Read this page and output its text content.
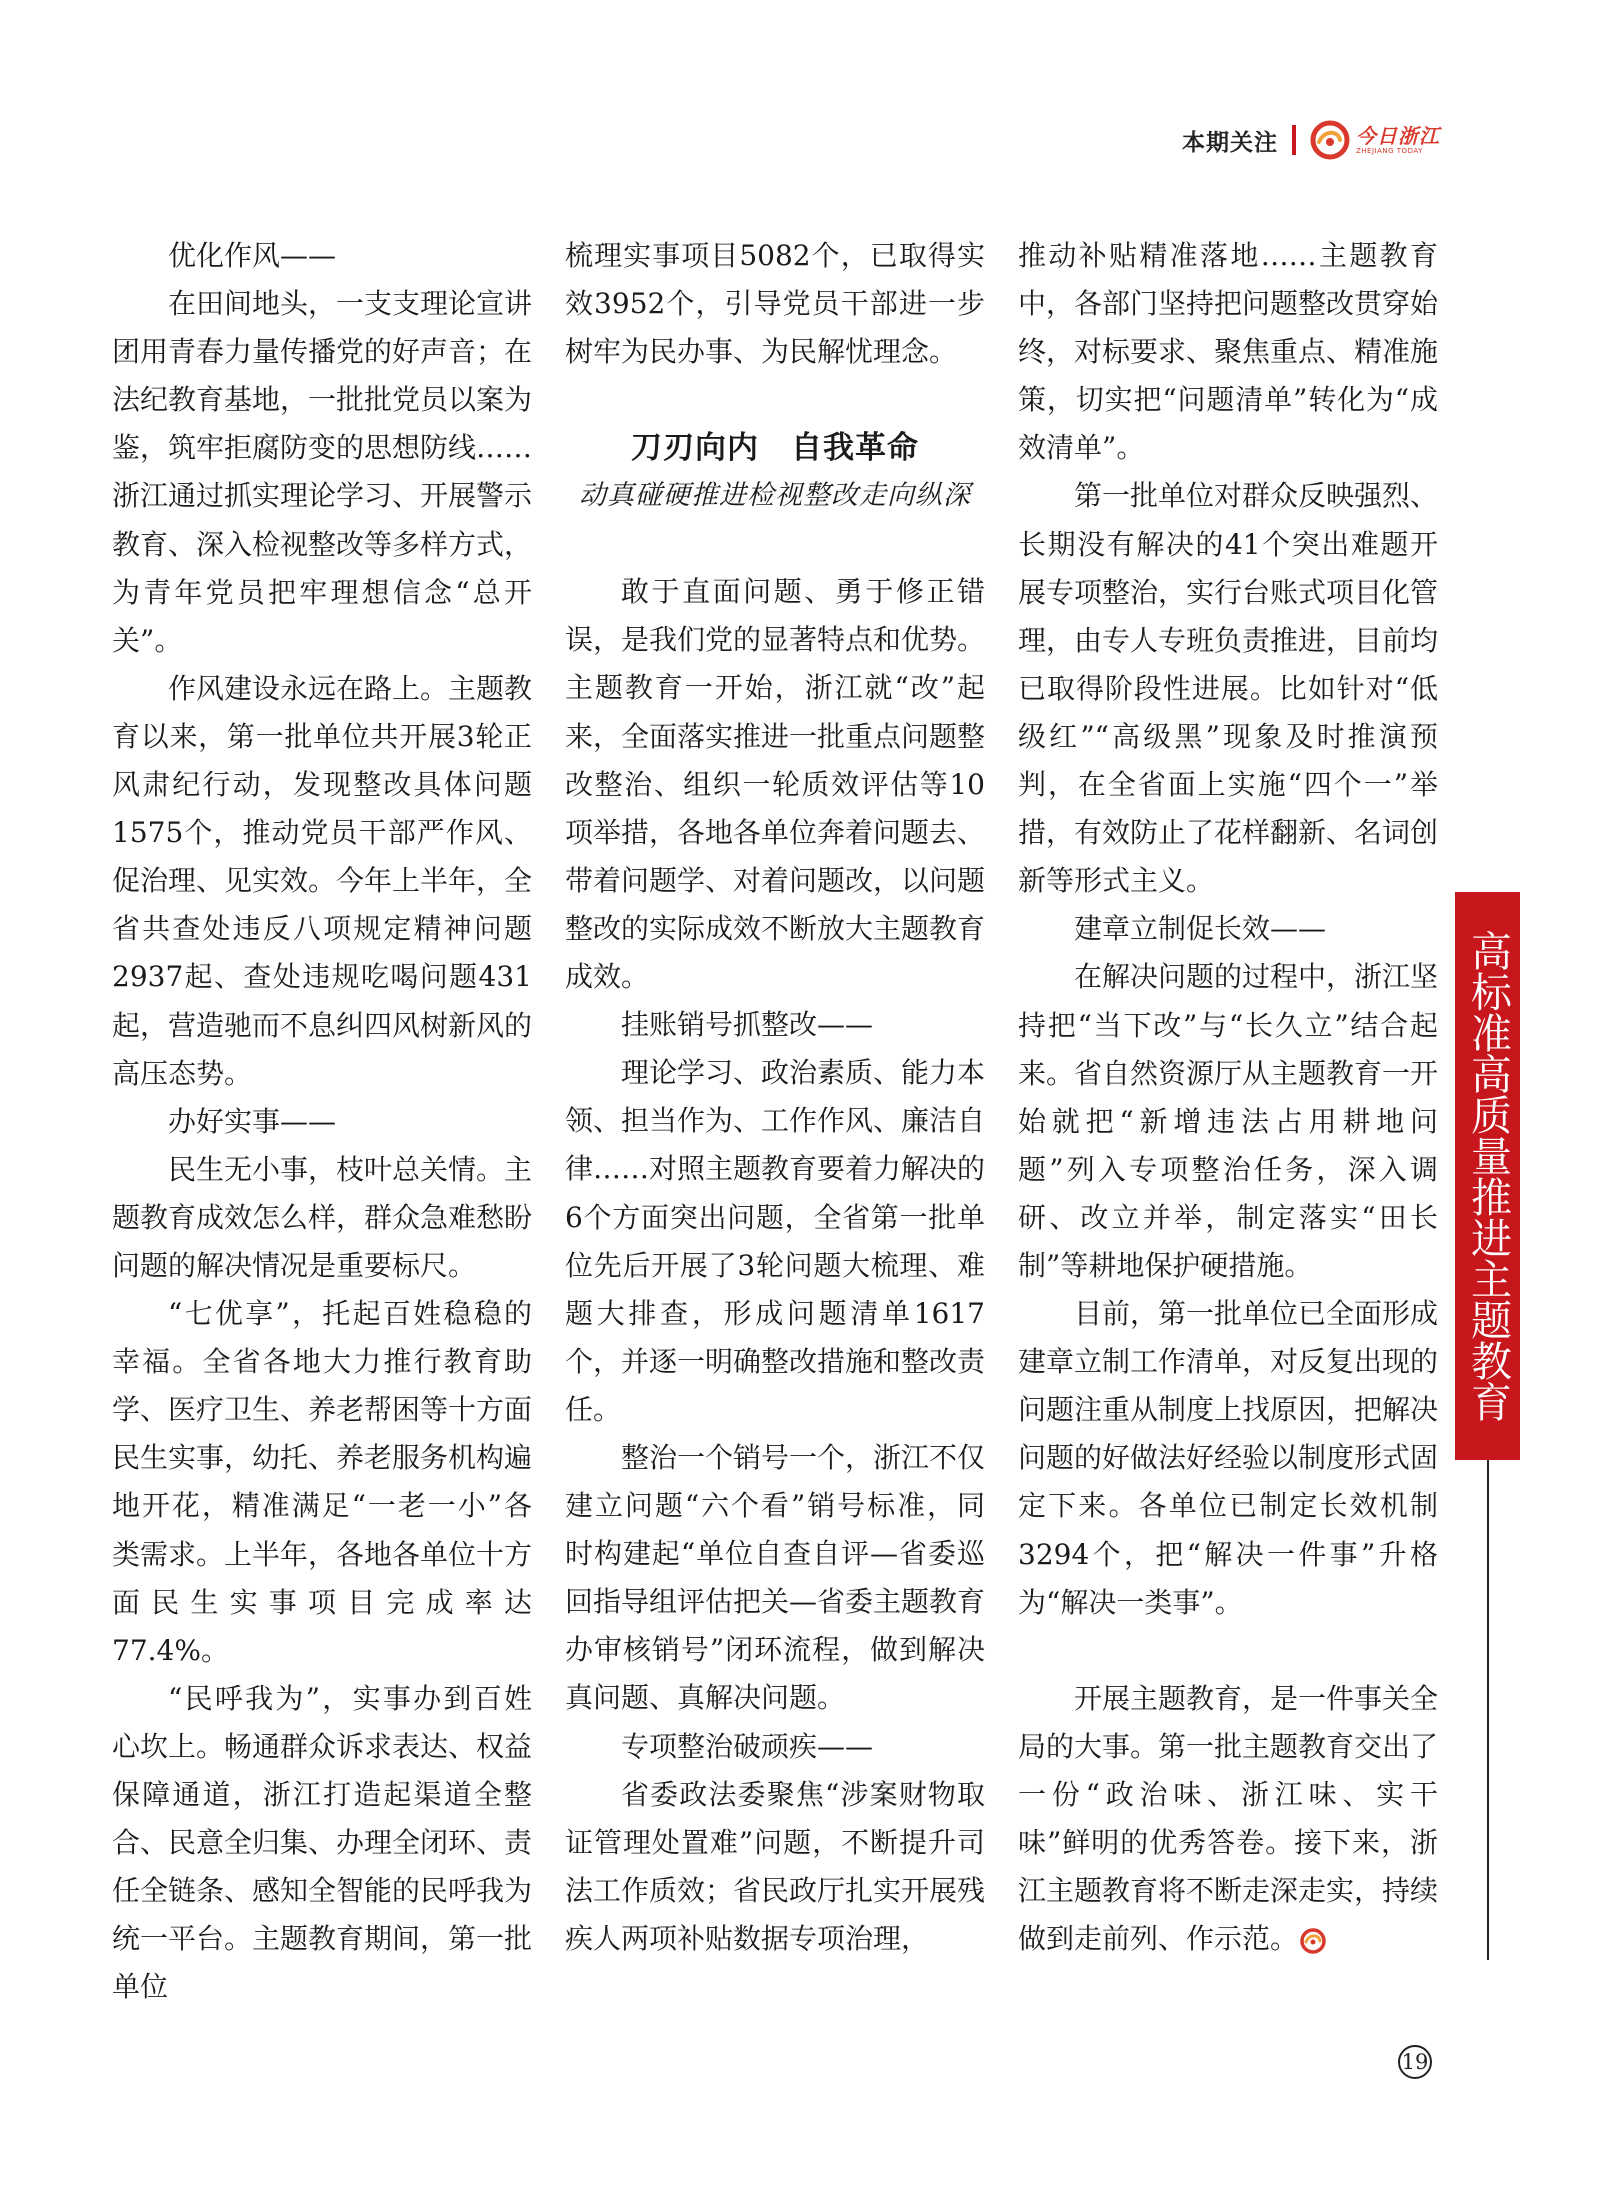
本期关注	今日浙江
ZHEJIANG TODAY

优化作风——

在田间地头，一支支理论宣讲团用青春力量传播党的好声音；在法纪教育基地，一批批党员以案为鉴，筑牢拒腐防变的思想防线……浙江通过抓实理论学习、开展警示教育、深入检视整改等多样方式，为青年党员把牢理想信念“总开关”。

作风建设永远在路上。主题教育以来，第一批单位共开展3轮正风肃纪行动，发现整改具体问题1575个，推动党员干部严作风、促治理、见实效。今年上半年，全省共查处违反八项规定精神问题2937起、查处违规吃喝问题431起，营造驰而不息纠四风树新风的高压态势。

办好实事——

民生无小事，枝叶总关情。主题教育成效怎么样，群众急难愁盼问题的解决情况是重要标尺。

“七优享”，托起百姓稳稳的幸福。全省各地大力推行教育助学、医疗卫生、养老帮困等十方面民生实事，幼托、养老服务机构遍地开花，精准满足“一老一小”各类需求。上半年，各地各单位十方面民生实事项目完成率达77.4%。

“民呼我为”，实事办到百姓心坎上。畅通群众诉求表达、权益保障通道，浙江打造起渠道全整合、民意全归集、办理全闭环、责任全链条、感知全智能的民呼我为统一平台。主题教育期间，第一批单位

梳理实事项目5082个，已取得实效3952个，引导党员干部进一步树牢为民办事、为民解忧理念。

刀刃向内　自我革命

动真碰硬推进检视整改走向纵深

敢于直面问题、勇于修正错误，是我们党的显著特点和优势。主题教育一开始，浙江就“改”起来，全面落实推进一批重点问题整改整治、组织一轮质效评估等10项举措，各地各单位奔着问题去、带着问题学、对着问题改，以问题整改的实际成效不断放大主题教育成效。

挂账销号抓整改——

理论学习、政治素质、能力本领、担当作为、工作作风、廉洁自律……对照主题教育要着力解决的6个方面突出问题，全省第一批单位先后开展了3轮问题大梳理、难题大排查，形成问题清单1617个，并逐一明确整改措施和整改责任。

整治一个销号一个，浙江不仅建立问题“六个看”销号标准，同时构建起“单位自查自评—省委巡回指导组评估把关—省委主题教育办审核销号”闭环流程，做到解决真问题、真解决问题。

专项整治破顽疾——

省委政法委聚焦“涉案财物取证管理处置难”问题，不断提升司法工作质效；省民政厅扎实开展残疾人两项补贴数据专项治理，

推动补贴精准落地……主题教育中，各部门坚持把问题整改贯穿始终，对标要求、聚焦重点、精准施策，切实把“问题清单”转化为“成效清单”。

第一批单位对群众反映强烈、长期没有解决的41个突出难题开展专项整治，实行台账式项目化管理，由专人专班负责推进，目前均已取得阶段性进展。比如针对“低级红”“高级黑”现象及时推演预判，在全省面上实施“四个一”举措，有效防止了花样翻新、名词创新等形式主义。

建章立制促长效——

在解决问题的过程中，浙江坚持把“当下改”与“长久立”结合起来。省自然资源厅从主题教育一开始就把“新增违法占用耕地问题”列入专项整治任务，深入调研、改立并举，制定落实“田长制”等耕地保护硬措施。

目前，第一批单位已全面形成建章立制工作清单，对反复出现的问题注重从制度上找原因，把解决问题的好做法好经验以制度形式固定下来。各单位已制定长效机制3294个，把“解决一件事”升格为“解决一类事”。

开展主题教育，是一件事关全局的大事。第一批主题教育交出了一份“政治味、浙江味、实干味”鲜明的优秀答卷。接下来，浙江主题教育将不断走深走实，持续做到走前列、作示范。

高标准高质量推进主题教育
19
